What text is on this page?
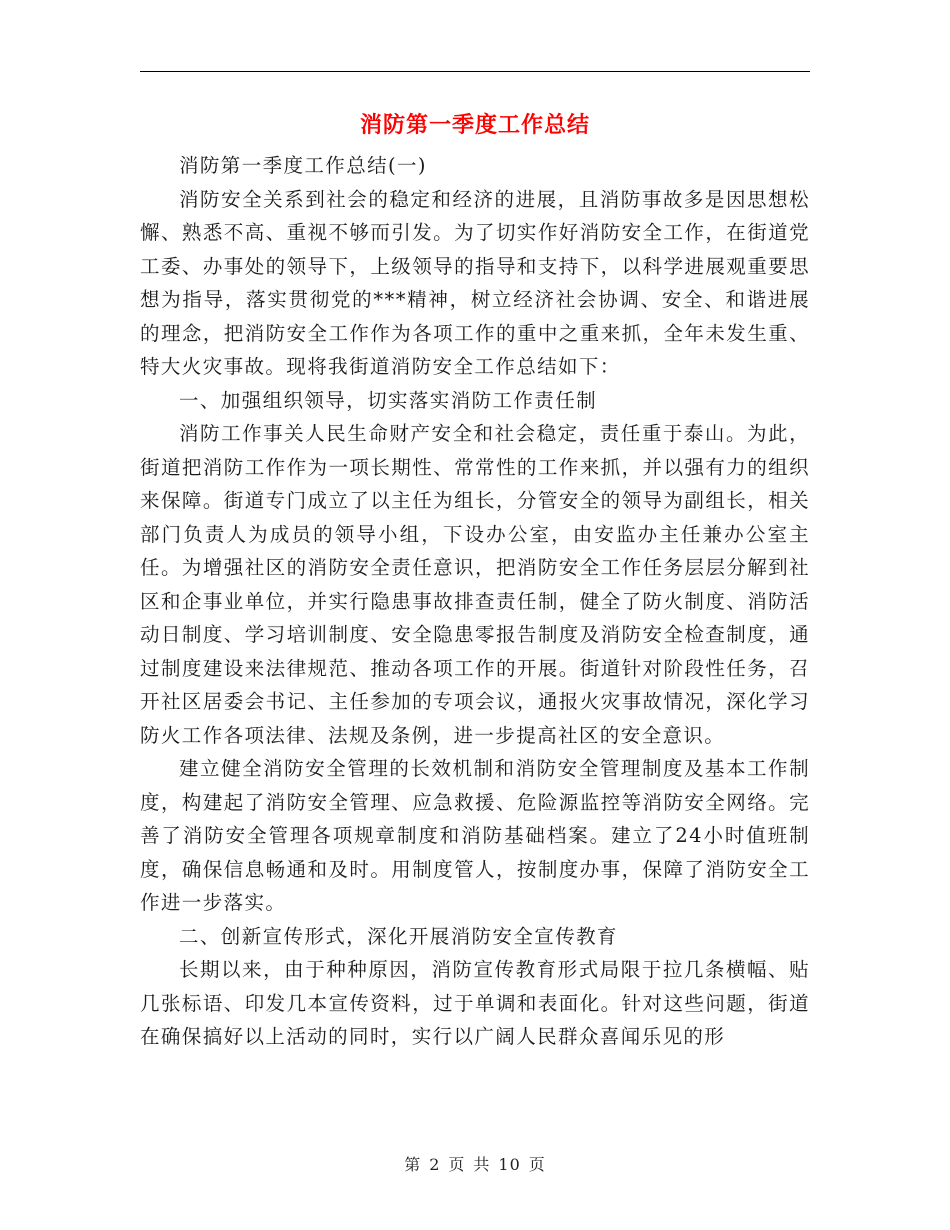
消防第一季度工作总结

消防第一季度工作总结(一)

消防安全关系到社会的稳定和经济的进展，且消防事故多是因思想松懈、熟悉不高、重视不够而引发。为了切实作好消防安全工作，在街道党工委、办事处的领导下，上级领导的指导和支持下，以科学进展观重要思想为指导，落实贯彻党的***精神，树立经济社会协调、安全、和谐进展的理念，把消防安全工作作为各项工作的重中之重来抓，全年未发生重、特大火灾事故。现将我街道消防安全工作总结如下：

一、加强组织领导，切实落实消防工作责任制

消防工作事关人民生命财产安全和社会稳定，责任重于泰山。为此，街道把消防工作作为一项长期性、常常性的工作来抓，并以强有力的组织来保障。街道专门成立了以主任为组长，分管安全的领导为副组长，相关部门负责人为成员的领导小组，下设办公室，由安监办主任兼办公室主任。为增强社区的消防安全责任意识，把消防安全工作任务层层分解到社区和企事业单位，并实行隐患事故排查责任制，健全了防火制度、消防活动日制度、学习培训制度、安全隐患零报告制度及消防安全检查制度，通过制度建设来法律规范、推动各项工作的开展。街道针对阶段性任务，召开社区居委会书记、主任参加的专项会议，通报火灾事故情况，深化学习防火工作各项法律、法规及条例，进一步提高社区的安全意识。

建立健全消防安全管理的长效机制和消防安全管理制度及基本工作制度，构建起了消防安全管理、应急救援、危险源监控等消防安全网络。完善了消防安全管理各项规章制度和消防基础档案。建立了24小时值班制度，确保信息畅通和及时。用制度管人，按制度办事，保障了消防安全工作进一步落实。

二、创新宣传形式，深化开展消防安全宣传教育

长期以来，由于种种原因，消防宣传教育形式局限于拉几条横幅、贴几张标语、印发几本宣传资料，过于单调和表面化。针对这些问题，街道在确保搞好以上活动的同时，实行以广阔人民群众喜闻乐见的形

第 2 页 共 10 页
